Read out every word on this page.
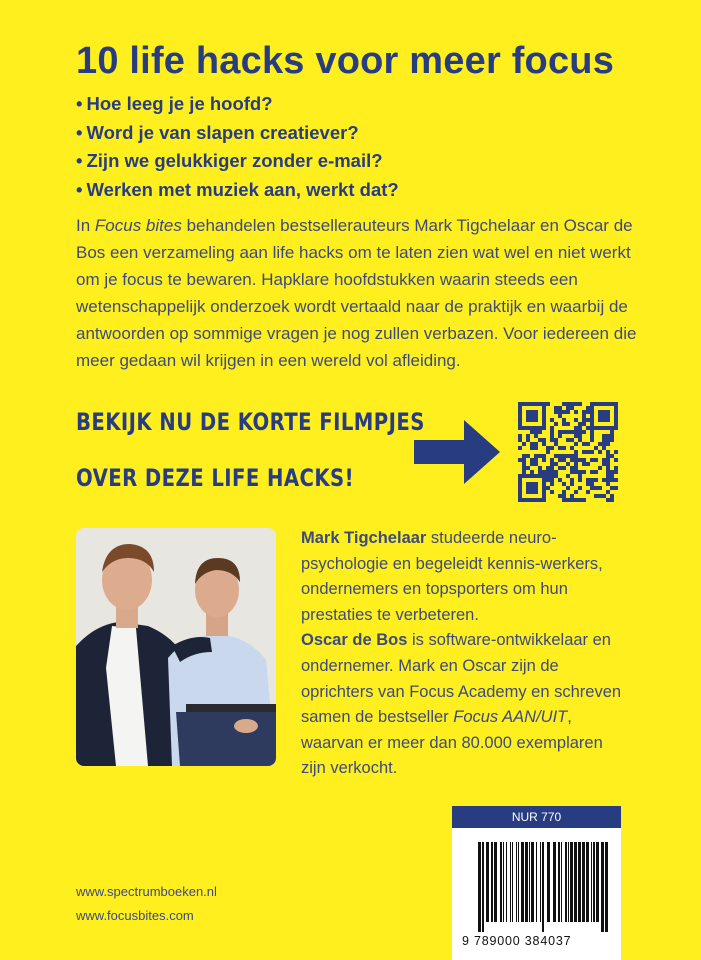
10 life hacks voor meer focus
• Hoe leeg je je hoofd?
• Word je van slapen creatiever?
• Zijn we gelukkiger zonder e-mail?
• Werken met muziek aan, werkt dat?

In Focus bites behandelen bestsellerauteurs Mark Tigchelaar en Oscar de Bos een verzameling aan life hacks om te laten zien wat wel en niet werkt om je focus te bewaren. Hapklare hoofdstukken waarin steeds een wetenschappelijk onderzoek wordt vertaald naar de praktijk en waarbij de antwoorden op sommige vragen je nog zullen verbazen. Voor iedereen die meer gedaan wil krijgen in een wereld vol afleiding.

BEKIJK NU DE KORTE FILMPJES
OVER DEZE LIFE HACKS!

Mark Tigchelaar studeerde neuro-psychologie en begeleidt kennis-werkers, ondernemers en topsporters om hun prestaties te verbeteren.
Oscar de Bos is software-ontwikkelaar en ondernemer. Mark en Oscar zijn de oprichters van Focus Academy en schreven samen de bestseller Focus AAN/UIT, waarvan er meer dan 80.000 exemplaren zijn verkocht.

NUR 770
9 789000 384037
www.spectrumboeken.nl
www.focusbites.com
